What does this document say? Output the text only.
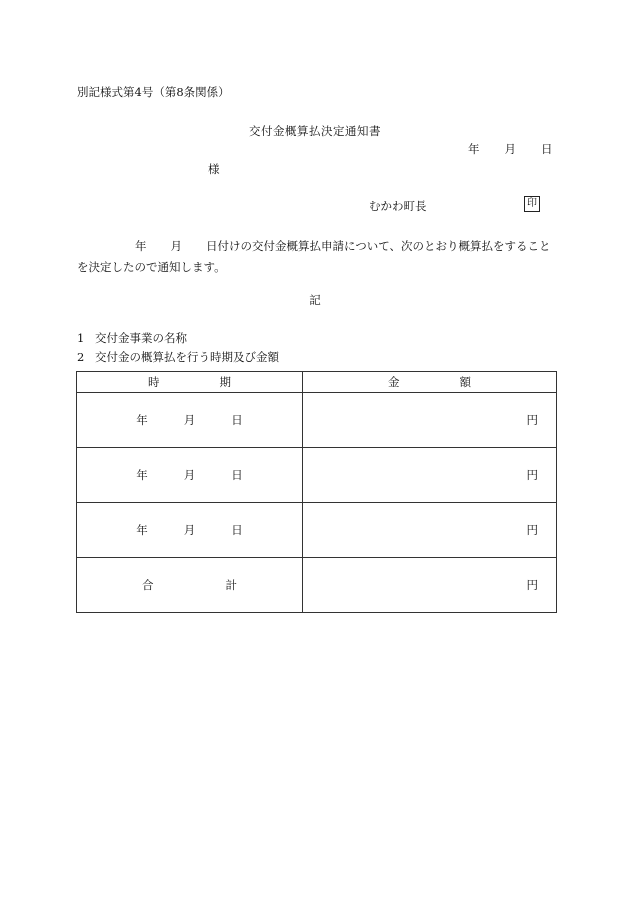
別記様式第4号（第8条関係）
交付金概算払決定通知書
年 月 日
様
むかわ町長	印
年 月 日付けの交付金概算払申請について、次のとおり概算払をすることを決定したので通知します。
記
1 交付金事業の名称
2 交付金の概算払を行う時期及び金額
時 期	金 額
年 月 日	円
年 月 日	円
年 月 日	円
合 計	円
